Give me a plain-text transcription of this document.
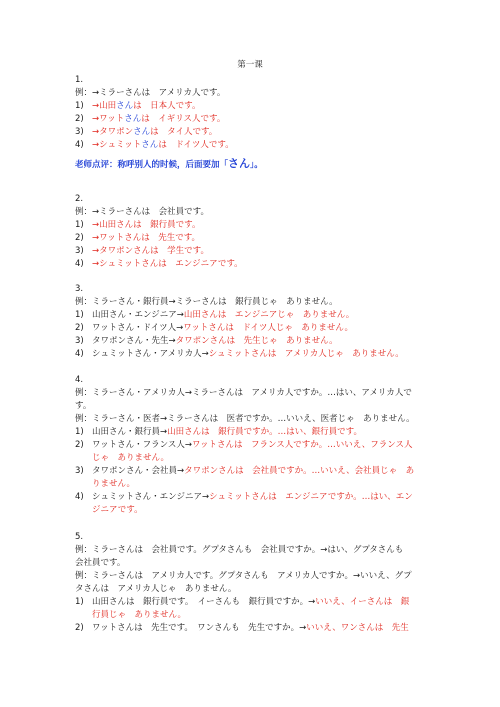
第一课
1.
例：→ミラーさんは　アメリカ人です。
1) →山田さんは　日本人です。
2) →ワットさんは　イギリス人です。
3) →タワポンさんは　タイ人です。
4) →シュミットさんは　ドイツ人です。
老师点评：称呼别人的时候，后面要加「さん」。
2.
例：→ミラーさんは　会社員です。
1) →山田さんは　銀行員です。
2) →ワットさんは　先生です。
3) →タワポンさんは　学生です。
4) →シュミットさんは　エンジニアです。
3.
例：ミラーさん・銀行員→ミラーさんは　銀行員じゃ　ありません。
1) 山田さん・エンジニア→山田さんは　エンジニアじゃ　ありません。
2) ワットさん・ドイツ人→ワットさんは　ドイツ人じゃ　ありません。
3) タワポンさん・先生→タワポンさんは　先生じゃ　ありません。
4) シュミットさん・アメリカ人→シュミットさんは　アメリカ人じゃ　ありません。
4.
例：ミラーさん・アメリカ人→ミラーさんは　アメリカ人ですか。…はい、アメリカ人で
す。
例：ミラーさん・医者→ミラーさんは　医者ですか。…いいえ、医者じゃ　ありません。
1) 山田さん・銀行員→山田さんは　銀行員ですか。…はい、銀行員です。
2) ワットさん・フランス人→ワットさんは　フランス人ですか。…いいえ、フランス人
じゃ　ありません。
3) タワポンさん・会社員→タワポンさんは　会社員ですか。…いいえ、会社員じゃ　あ
りません。
4) シュミットさん・エンジニア→シュミットさんは　エンジニアですか。…はい、エン
ジニアです。
5.
例：ミラーさんは　会社員です。グプタさんも　会社員ですか。→はい、グプタさんも
会社員です。
例：ミラーさんは　アメリカ人です。グプタさんも　アメリカ人ですか。→いいえ、グプ
タさんは　アメリカ人じゃ　ありません。
1) 山田さんは　銀行員です。　イーさんも　銀行員ですか。→いいえ、イーさんは　銀
行員じゃ　ありません。
2) ワットさんは　先生です。　ワンさんも　先生ですか。→いいえ、ワンさんは　先生
